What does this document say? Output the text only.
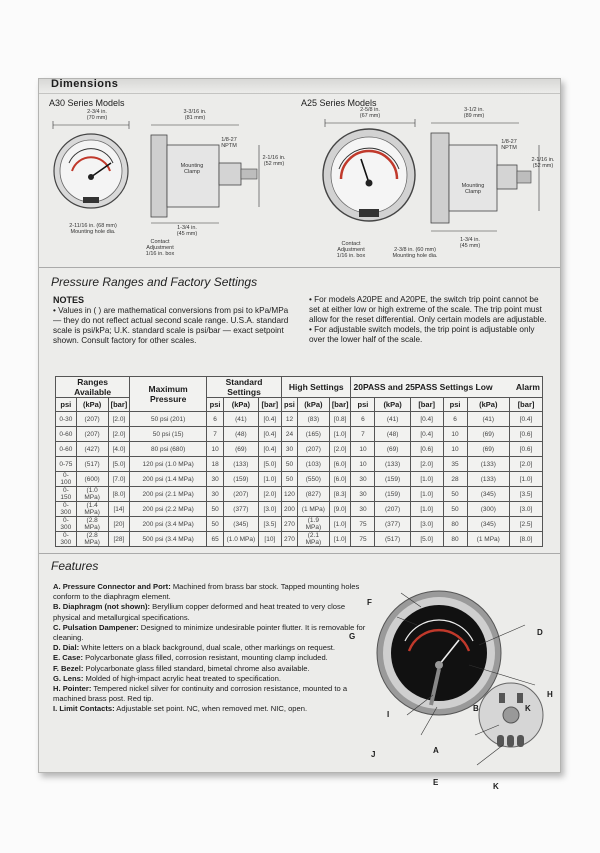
Dimensions
A30 Series Models	A25 Series Models
2-3/4 in.
(70 mm)
3-3/16 in.
(81 mm)
1/8-27
NPTM
2-1/16 in.
(52 mm)
Mounting
Clamp
2-11/16 in. (68 mm)
Mounting hole dia.
1-3/4 in.
(45 mm)
Contact
Adjustment
1/16 in. box
2-5/8 in.
(67 mm)
3-1/2 in.
(89 mm)
1/8-27
NPTM
2-1/16 in.
(52 mm)
Mounting
Clamp
Contact
Adjustment
1/16 in. box
2-3/8 in. (60 mm)
Mounting hole dia.
1-3/4 in.
(45 mm)
Pressure Ranges and Factory Settings
NOTES
• Values in ( ) are mathematical conversions from psi to kPa/MPa — they do not reflect actual second scale range. U.S.A. standard scale is psi/kPa; U.K. standard scale is psi/bar — exact setpoint shown. Consult factory for other scales.
• For models A20PE and A20PE, the switch trip point cannot be set at either low or high extreme of the scale. The trip point must allow for the reset differential. Only certain models are adjustable.
• For adjustable switch models, the trip point is adjustable only over the lower half of the scale.
Ranges Available			Maximum Pressure	Standard Settings			High Settings			20PASS and 25PASS Settings Low          Alarm					
psi	(kPa)	[bar]		psi	(kPa)	[bar]	psi	(kPa)	[bar]	psi	(kPa)	[bar]	psi	(kPa)	[bar]
0-30	(207)	[2.0]	50 psi (201)	6	(41)	[0.4]	12	(83)	[0.8]	6	(41)	[0.4]	6	(41)	[0.4]
0-60	(207)	[2.0]	50 psi (15)	7	(48)	[0.4]	24	(165)	[1.0]	7	(48)	[0.4]	10	(69)	[0.6]
0-60	(427)	[4.0]	80 psi (680)	10	(69)	[0.4]	30	(207)	[2.0]	10	(69)	[0.6]	10	(69)	[0.6]
0-75	(517)	[5.0]	120 psi (1.0 MPa)	18	(133)	[5.0]	50	(103)	[6.0]	10	(133)	[2.0]	35	(133)	[2.0]
0-100	(600)	[7.0]	200 psi (1.4 MPa)	30	(159)	[1.0]	50	(550)	[6.0]	30	(159)	[1.0]	28	(133)	[1.0]
0-150	(1.0 MPa)	[8.0]	200 psi (2.1 MPa)	30	(207)	[2.0]	120	(827)	[8.3]	30	(159)	[1.0]	50	(345)	[3.5]
0-300	(1.4 MPa)	[14]	200 psi (2.2 MPa)	50	(377)	[3.0]	200	(1 MPa)	[9.0]	30	(207)	[1.0]	50	(300)	[3.0]
0-300	(2.8 MPa)	[20]	200 psi (3.4 MPa)	50	(345)	[3.5]	270	(1.9 MPa)	[1.0]	75	(377)	[3.0]	80	(345)	[2.5]
0-300	(2.8 MPa)	[28]	500 psi (3.4 MPa)	65	(1.0 MPa)	[10]	270	(2.1 MPa)	[1.0]	75	(517)	[5.0]	80	(1 MPa)	[8.0]
Features
A. Pressure Connector and Port: Machined from brass bar stock. Tapped mounting holes conform to the diaphragm element.
B. Diaphragm (not shown): Beryllium copper deformed and heat treated to very close physical and metallurgical specifications.
C. Pulsation Dampener: Designed to minimize undesirable pointer flutter. It is removable for cleaning.
D. Dial: White letters on a black background, dual scale, other markings on request.
E. Case: Polycarbonate glass filled, corrosion resistant, mounting clamp included.
F. Bezel: Polycarbonate glass filled standard, bimetal chrome also available.
G. Lens: Molded of high-impact acrylic heat treated to specification.
H. Pointer: Tempered nickel silver for continuity and corrosion resistance, mounted to a machined brass post. Red tip.
I. Limit Contacts: Adjustable set point. NC, when removed met. NIC, open.
F
G	D
H
I
J	A
B	K
E	K
